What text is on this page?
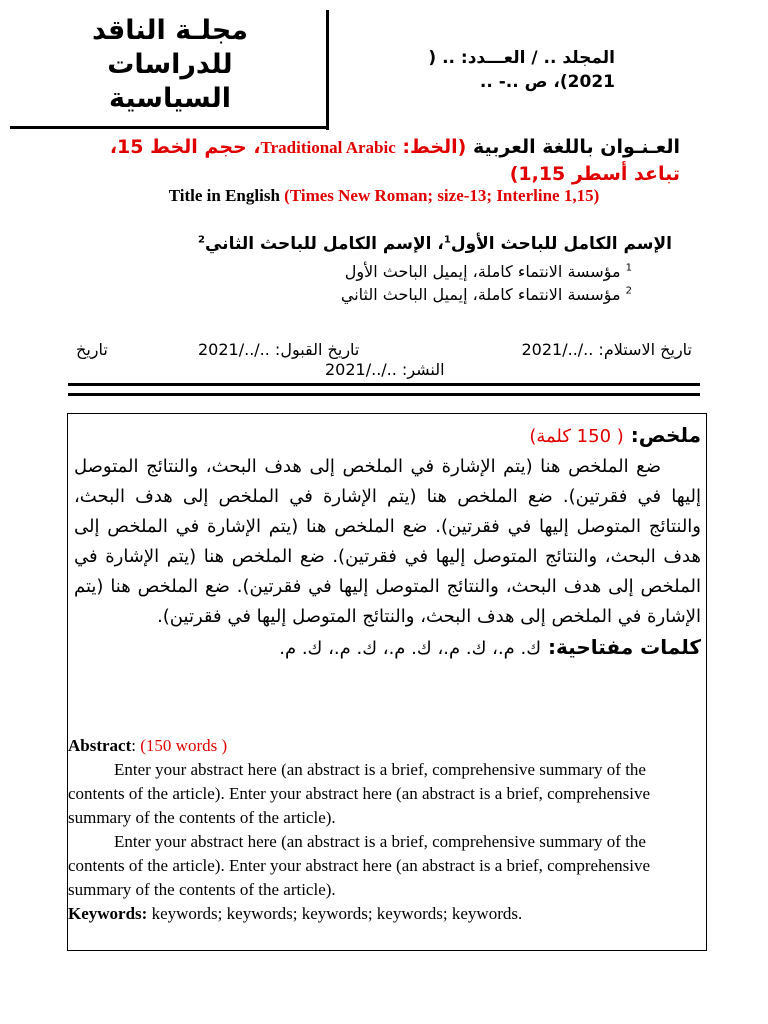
مجلـة الناقد
للدراسات
السياسية
المجلد .. / العـــدد: .. (
2021)، ص ..- ..
العـنـوان باللغة العربية (الخط: Traditional Arabic، حجم الخط 15، تباعد أسطر 1,15)
Title in English (Times New Roman; size-13; Interline 1,15)
الإسم الكامل للباحث الأول$^1$، الإسم الكامل للباحث الثاني$^2$
$^1$ مؤسسة الانتماء كاملة، إيميل الباحث الأول
$^2$ مؤسسة الانتماء كاملة، إيميل الباحث الثاني
تاريخ الاستلام: ../../2021
تاريخ القبول: ../../2021
تاريخ
النشر: ../../2021

ملخص: ( 150 كلمة)

ضع الملخص هنا (يتم الإشارة في الملخص إلى هدف البحث، والنتائج المتوصل إليها في فقرتين). ضع الملخص هنا (يتم الإشارة في الملخص إلى هدف البحث، والنتائج المتوصل إليها في فقرتين). ضع الملخص هنا (يتم الإشارة في الملخص إلى هدف البحث، والنتائج المتوصل إليها في فقرتين). ضع الملخص هنا (يتم الإشارة في الملخص إلى هدف البحث، والنتائج المتوصل إليها في فقرتين). ضع الملخص هنا (يتم الإشارة في الملخص إلى هدف البحث، والنتائج المتوصل إليها في فقرتين).

كلمات مفتاحية: ك. م.، ك. م.، ك. م.، ك. م.، ك. م.
Abstract: (150 words )

Enter your abstract here (an abstract is a brief, comprehensive summary of the contents of the article). Enter your abstract here (an abstract is a brief, comprehensive summary of the contents of the article).

Enter your abstract here (an abstract is a brief, comprehensive summary of the contents of the article). Enter your abstract here (an abstract is a brief, comprehensive summary of the contents of the article).

Keywords: keywords; keywords; keywords; keywords; keywords.
